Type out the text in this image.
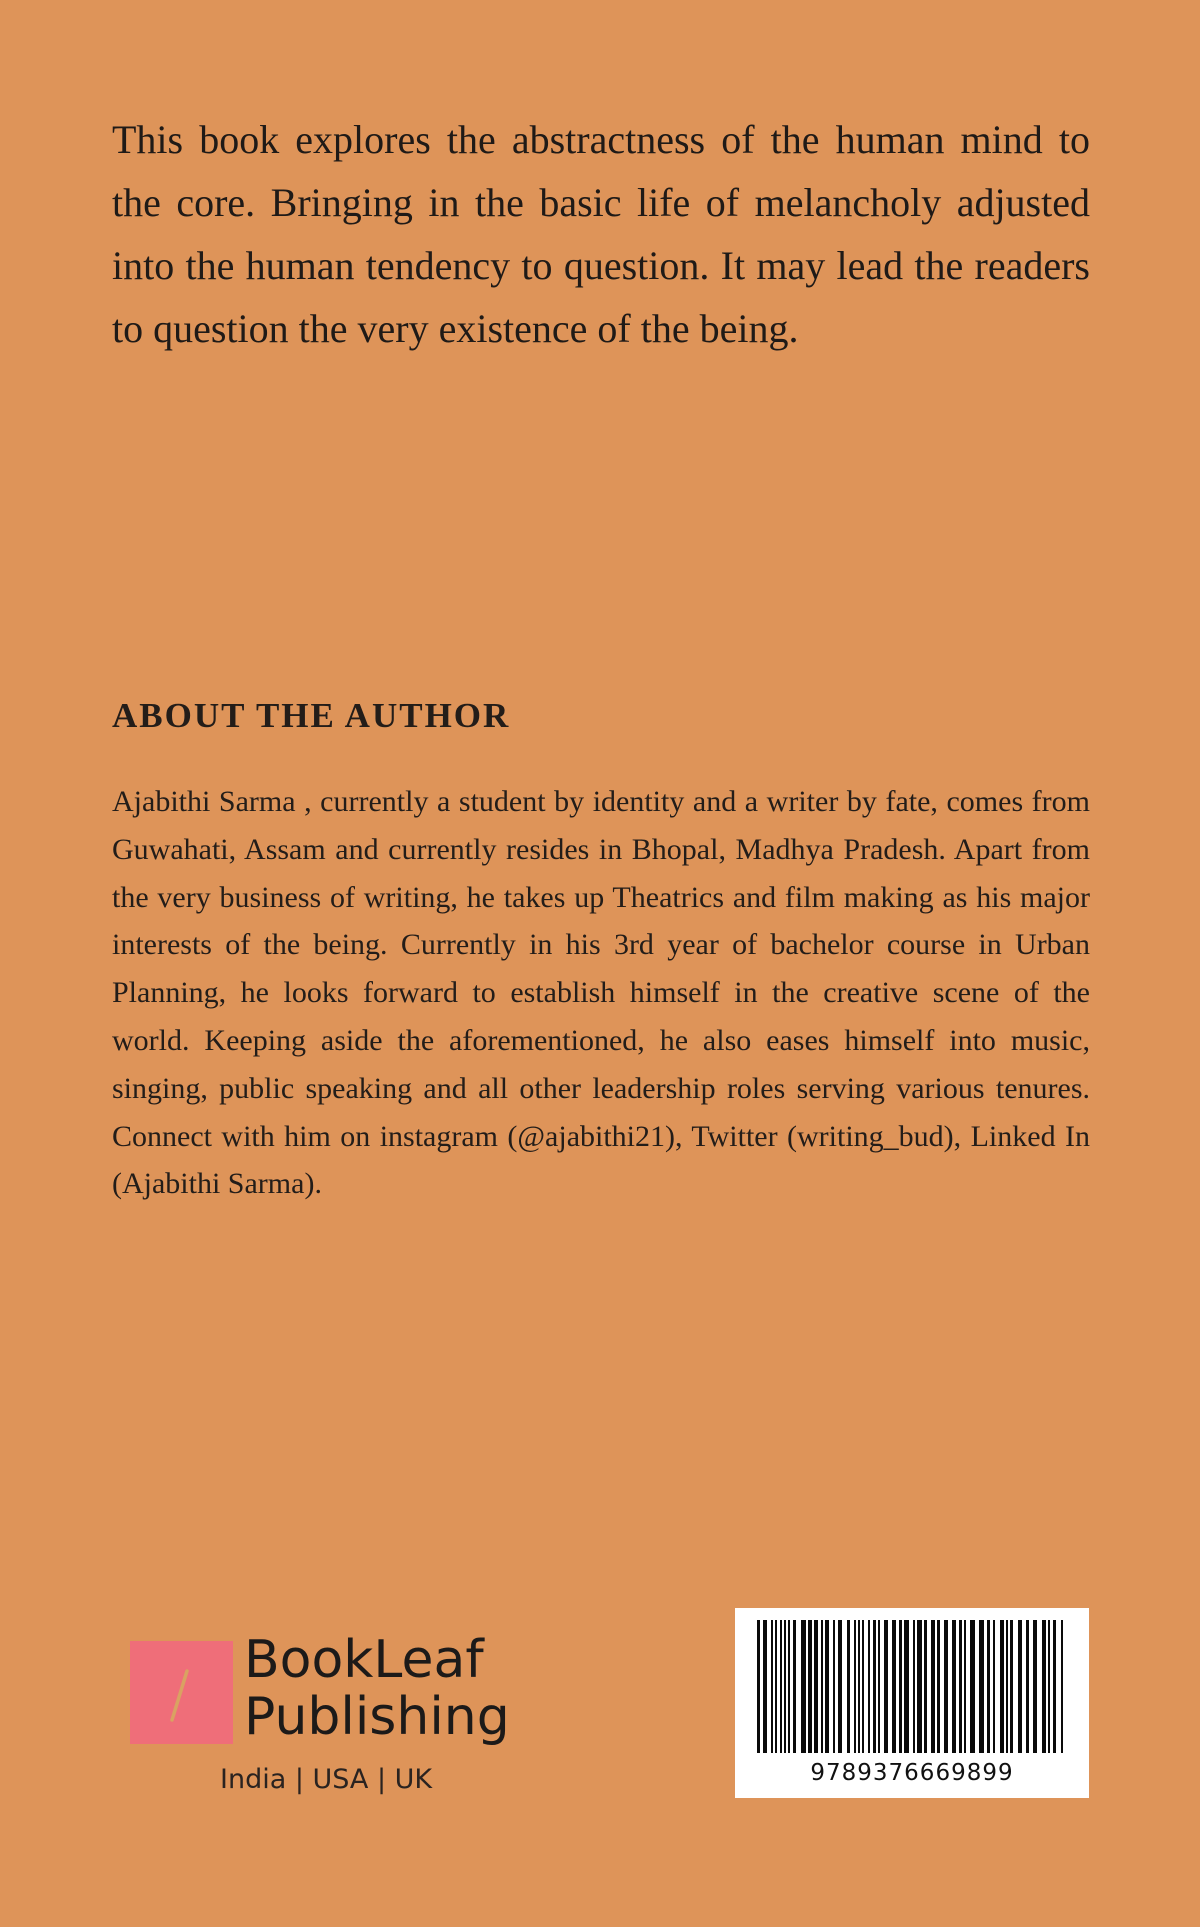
This book explores the abstractness of the human mind to the core. Bringing in the basic life of melancholy adjusted into the human tendency to question. It may lead the readers to question the very existence of the being.

ABOUT THE AUTHOR

Ajabithi Sarma , currently a student by identity and a writer by fate, comes from Guwahati, Assam and currently resides in Bhopal, Madhya Pradesh. Apart from the very business of writing, he takes up Theatrics and film making as his major interests of the being. Currently in his 3rd year of bachelor course in Urban Planning, he looks forward to establish himself in the creative scene of the world. Keeping aside the aforementioned, he also eases himself into music, singing, public speaking and all other leadership roles serving various tenures. Connect with him on instagram (@ajabithi21), Twitter (writing_bud), Linked In (Ajabithi Sarma).

BookLeaf
Publishing

India | USA | UK	9789376669899
